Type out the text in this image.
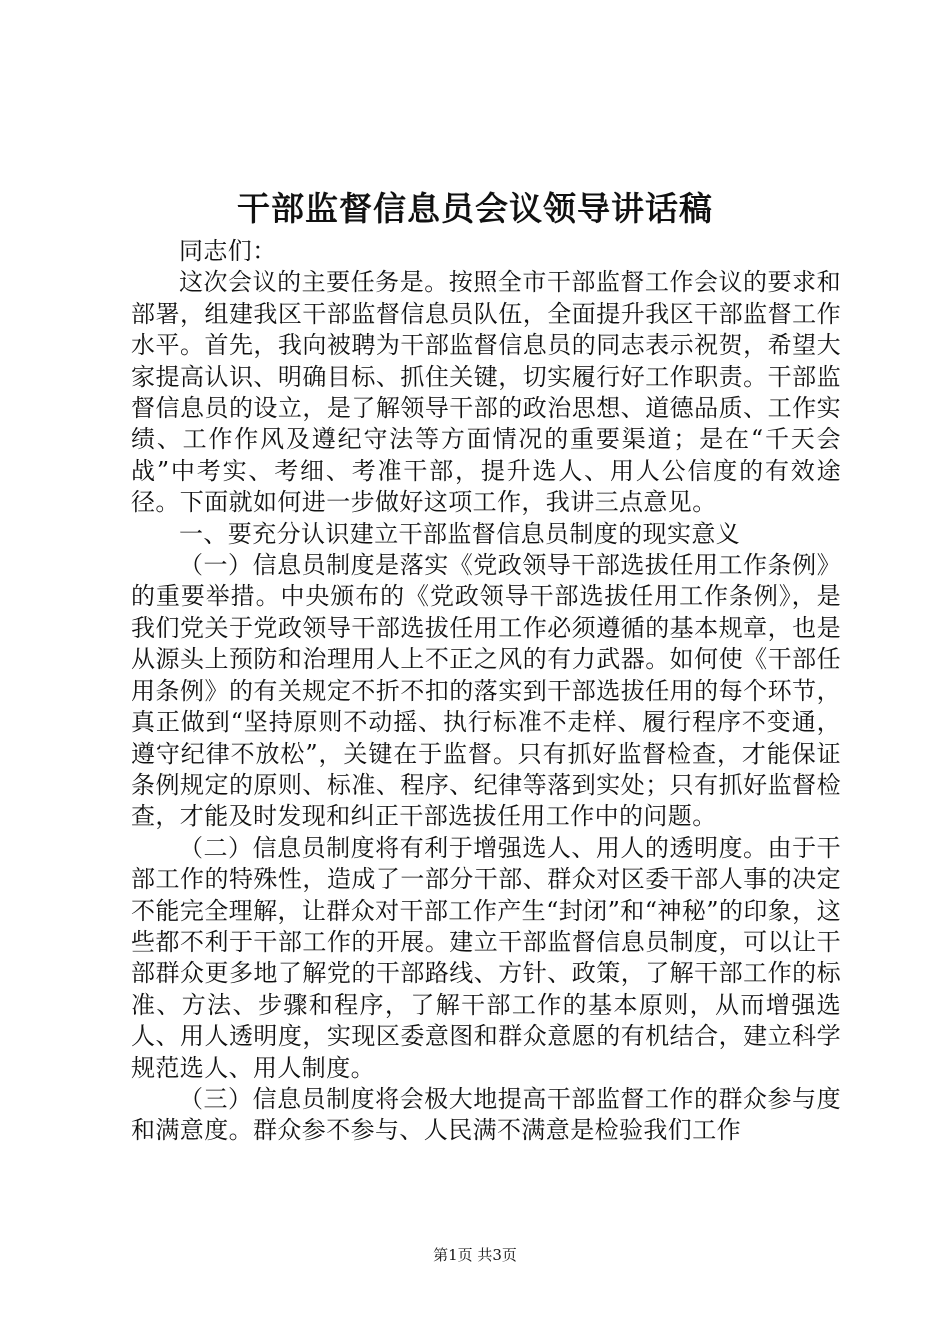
干部监督信息员会议领导讲话稿

同志们：

这次会议的主要任务是。按照全市干部监督工作会议的要求和部署，组建我区干部监督信息员队伍，全面提升我区干部监督工作水平。首先，我向被聘为干部监督信息员的同志表示祝贺，希望大家提高认识、明确目标、抓住关键，切实履行好工作职责。干部监督信息员的设立，是了解领导干部的政治思想、道德品质、工作实绩、工作作风及遵纪守法等方面情况的重要渠道；是在“千天会战”中考实、考细、考准干部，提升选人、用人公信度的有效途径。下面就如何进一步做好这项工作，我讲三点意见。

一、要充分认识建立干部监督信息员制度的现实意义

（一）信息员制度是落实《党政领导干部选拔任用工作条例》的重要举措。中央颁布的《党政领导干部选拔任用工作条例》，是我们党关于党政领导干部选拔任用工作必须遵循的基本规章，也是从源头上预防和治理用人上不正之风的有力武器。如何使《干部任用条例》的有关规定不折不扣的落实到干部选拔任用的每个环节，真正做到“坚持原则不动摇、执行标准不走样、履行程序不变通，遵守纪律不放松”，关键在于监督。只有抓好监督检查，才能保证条例规定的原则、标准、程序、纪律等落到实处；只有抓好监督检查，才能及时发现和纠正干部选拔任用工作中的问题。

（二）信息员制度将有利于增强选人、用人的透明度。由于干部工作的特殊性，造成了一部分干部、群众对区委干部人事的决定不能完全理解，让群众对干部工作产生“封闭”和“神秘”的印象，这些都不利于干部工作的开展。建立干部监督信息员制度，可以让干部群众更多地了解党的干部路线、方针、政策，了解干部工作的标准、方法、步骤和程序，了解干部工作的基本原则，从而增强选人、用人透明度，实现区委意图和群众意愿的有机结合，建立科学规范选人、用人制度。

（三）信息员制度将会极大地提高干部监督工作的群众参与度和满意度。群众参不参与、人民满不满意是检验我们工作

第1页 共3页
